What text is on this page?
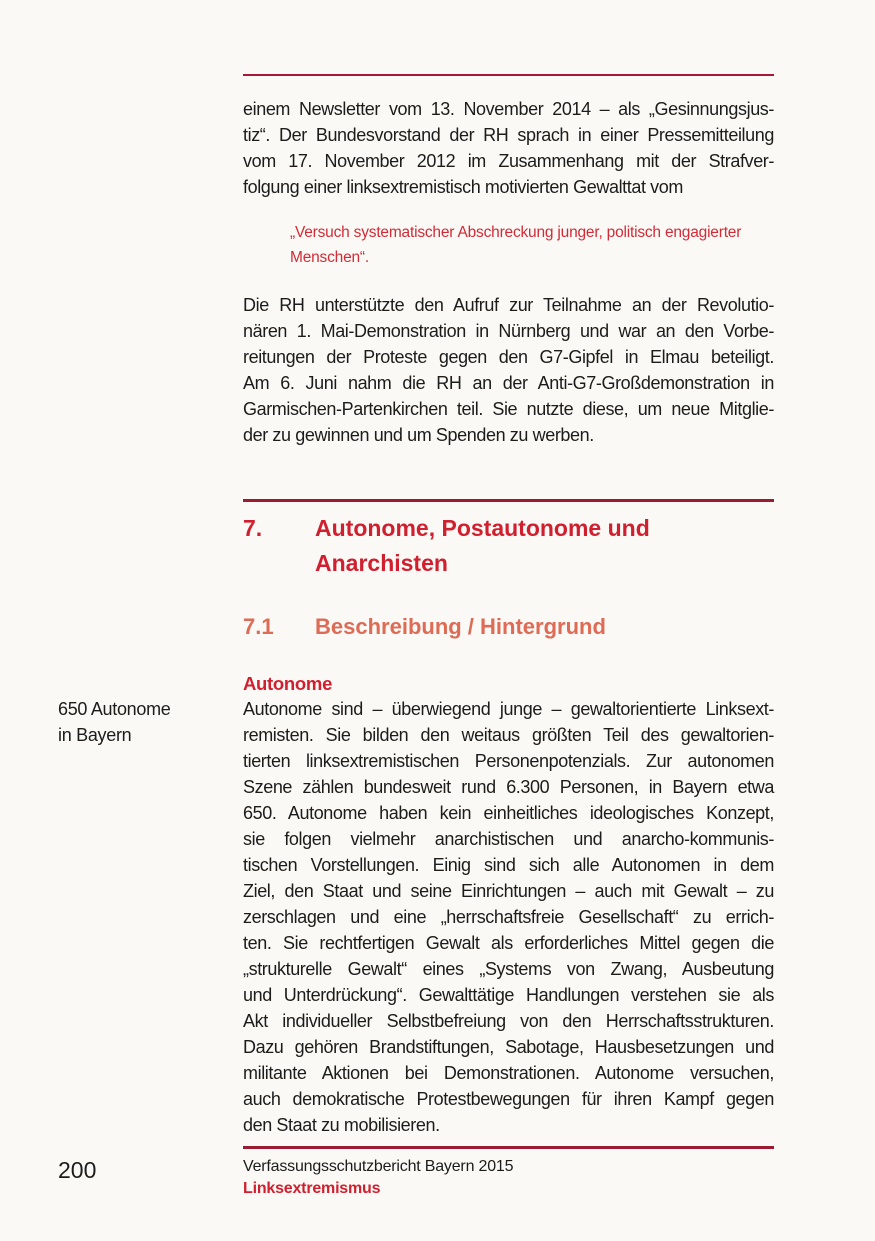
einem Newsletter vom 13. November 2014 – als „Gesinnungsjus-
tiz“. Der Bundesvorstand der RH sprach in einer Pressemitteilung
vom 17. November 2012 im Zusammenhang mit der Strafver-
folgung einer linksextremistisch motivierten Gewalttat vom
„Versuch systematischer Abschreckung junger, politisch engagierter
Menschen“.
Die RH unterstützte den Aufruf zur Teilnahme an der Revolutio-
nären 1. Mai-Demonstration in Nürnberg und war an den Vorbe-
reitungen der Proteste gegen den G7-Gipfel in Elmau beteiligt.
Am 6. Juni nahm die RH an der Anti-G7-Großdemonstration in
Garmischen-Partenkirchen teil. Sie nutzte diese, um neue Mitglie-
der zu gewinnen und um Spenden zu werben.
7. Autonome, Postautonome und
Anarchisten
7.1 Beschreibung / Hintergrund
Autonome
650 Autonome
in Bayern
Autonome sind – überwiegend junge – gewaltorientierte Linksext-
remisten. Sie bilden den weitaus größten Teil des gewaltorien-
tierten linksextremistischen Personenpotenzials. Zur autonomen
Szene zählen bundesweit rund 6.300 Personen, in Bayern etwa
650. Autonome haben kein einheitliches ideologisches Konzept,
sie folgen vielmehr anarchistischen und anarcho-kommunis-
tischen Vorstellungen. Einig sind sich alle Autonomen in dem
Ziel, den Staat und seine Einrichtungen – auch mit Gewalt – zu
zerschlagen und eine „herrschaftsfreie Gesellschaft“ zu errich-
ten. Sie rechtfertigen Gewalt als erforderliches Mittel gegen die
„strukturelle Gewalt“ eines „Systems von Zwang, Ausbeutung
und Unterdrückung“. Gewalttätige Handlungen verstehen sie als
Akt individueller Selbstbefreiung von den Herrschaftsstrukturen.
Dazu gehören Brandstiftungen, Sabotage, Hausbesetzungen und
militante Aktionen bei Demonstrationen. Autonome versuchen,
auch demokratische Protestbewegungen für ihren Kampf gegen
den Staat zu mobilisieren.
200	Verfassungsschutzbericht Bayern 2015
Linksextremismus
